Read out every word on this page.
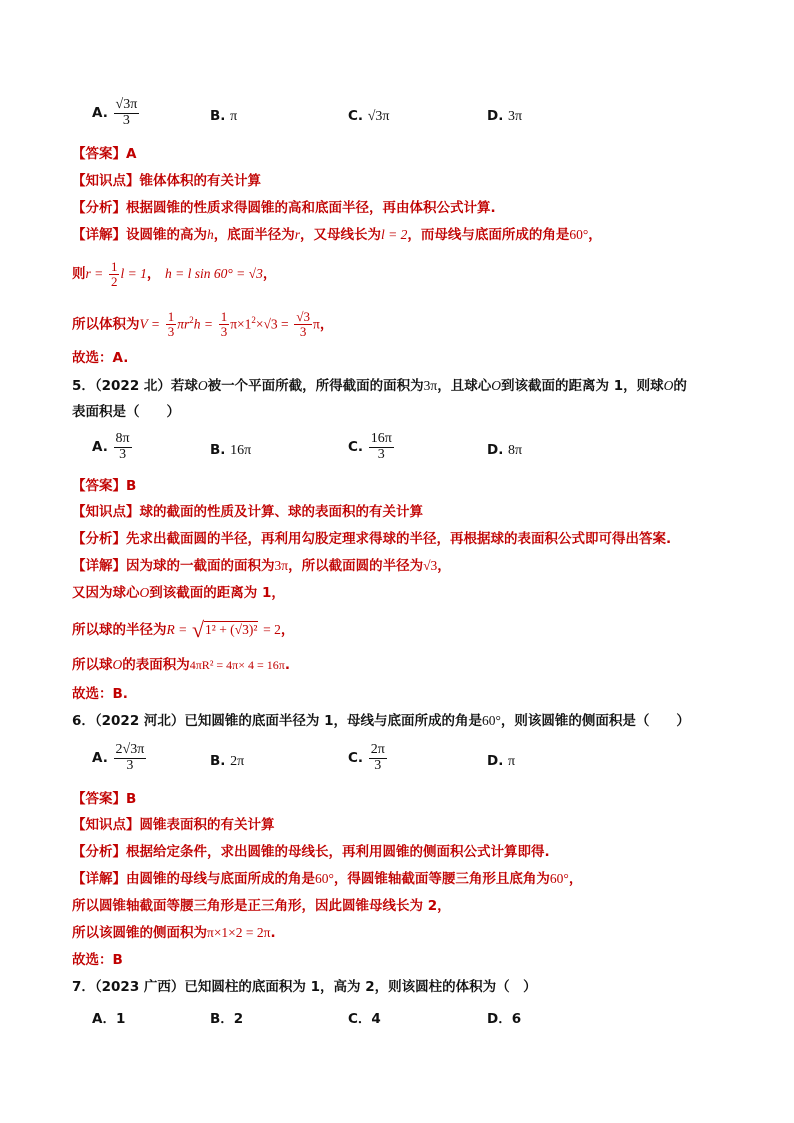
A. $\frac{√3\pi}{3}$	B. π	C. √3π	D. 3π
【答案】A
【知识点】锥体体积的有关计算
【分析】根据圆锥的性质求得圆锥的高和底面半径，再由体积公式计算.
【详解】设圆锥的高为h，底面半径为r，又母线长为l = 2，而母线与底面所成的角是60°，
则$r = \frac{1}{2}$ l = 1， h = l sin 60° = √3，
所以体积为$V = \frac{1}{3} \pi r^2h = \frac{1}{3} \pi\times 1^2\times√3 = \frac{√3}{3}$ π，
故选：A.
5．（2022 北）若球O被一个平面所截，所得截面的面积为3π，且球心O到该截面的距离为 1，则球O的
表面积是（　　）
A. $\frac{8\pi}{3}$	B. 16π	C. $\frac{16\pi}{3}$	D. 8π
【答案】B
【知识点】球的截面的性质及计算、球的表面积的有关计算
【分析】先求出截面圆的半径，再利用勾股定理求得球的半径，再根据球的表面积公式即可得出答案.
【详解】因为球的一截面的面积为3π，所以截面圆的半径为√3，
又因为球心O到该截面的距离为 1，
所以球的半径为R = √1² + (√3)² = 2，
所以球O的表面积为4πR² = 4π× 4 = 16π.
故选：B.
6．（2022 河北）已知圆锥的底面半径为 1，母线与底面所成的角是60°，则该圆锥的侧面积是（　　）
A. $\frac{2√3\pi}{3}$	B. 2π	C. $\frac{2\pi}{3}$	D. π
【答案】B
【知识点】圆锥表面积的有关计算
【分析】根据给定条件，求出圆锥的母线长，再利用圆锥的侧面积公式计算即得.
【详解】由圆锥的母线与底面所成的角是60°，得圆锥轴截面等腰三角形且底角为60°，
所以圆锥轴截面等腰三角形是正三角形，因此圆锥母线长为 2，
所以该圆锥的侧面积为π×1×2 = 2π.
故选：B
7．（2023 广西）已知圆柱的底面积为 1，高为 2，则该圆柱的体积为（　）
A．1	B．2	C．4	D．6
